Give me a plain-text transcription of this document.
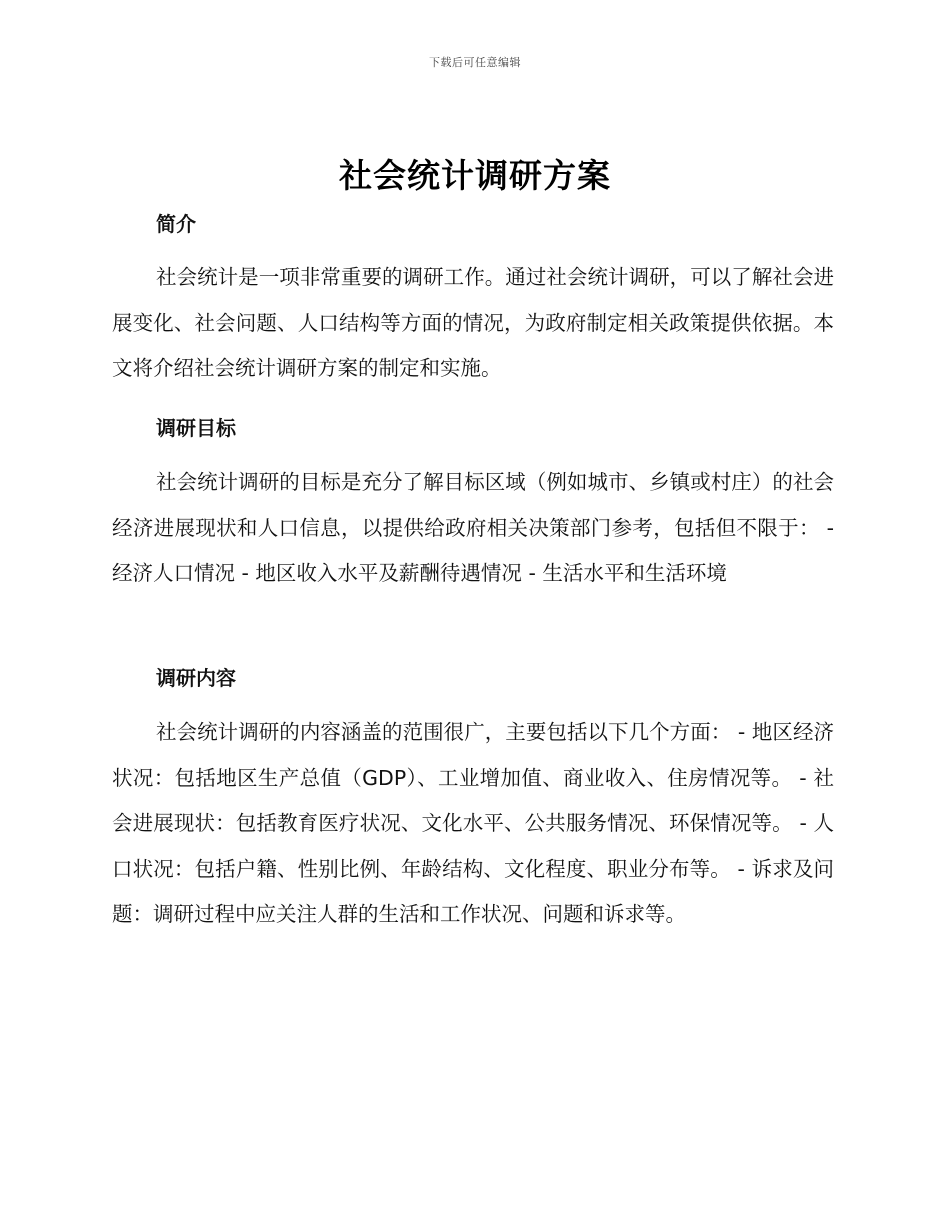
下载后可任意编辑
社会统计调研方案
简介

社会统计是一项非常重要的调研工作。通过社会统计调研，可以了解社会进展变化、社会问题、人口结构等方面的情况，为政府制定相关政策提供依据。本文将介绍社会统计调研方案的制定和实施。

调研目标

社会统计调研的目标是充分了解目标区域（例如城市、乡镇或村庄）的社会经济进展现状和人口信息，以提供给政府相关决策部门参考，包括但不限于： - 经济人口情况 - 地区收入水平及薪酬待遇情况 - 生活水平和生活环境

调研内容

社会统计调研的内容涵盖的范围很广，主要包括以下几个方面： - 地区经济状况：包括地区生产总值（GDP）、工业增加值、商业收入、住房情况等。 - 社会进展现状：包括教育医疗状况、文化水平、公共服务情况、环保情况等。 - 人口状况：包括户籍、性别比例、年龄结构、文化程度、职业分布等。 - 诉求及问题：调研过程中应关注人群的生活和工作状况、问题和诉求等。
